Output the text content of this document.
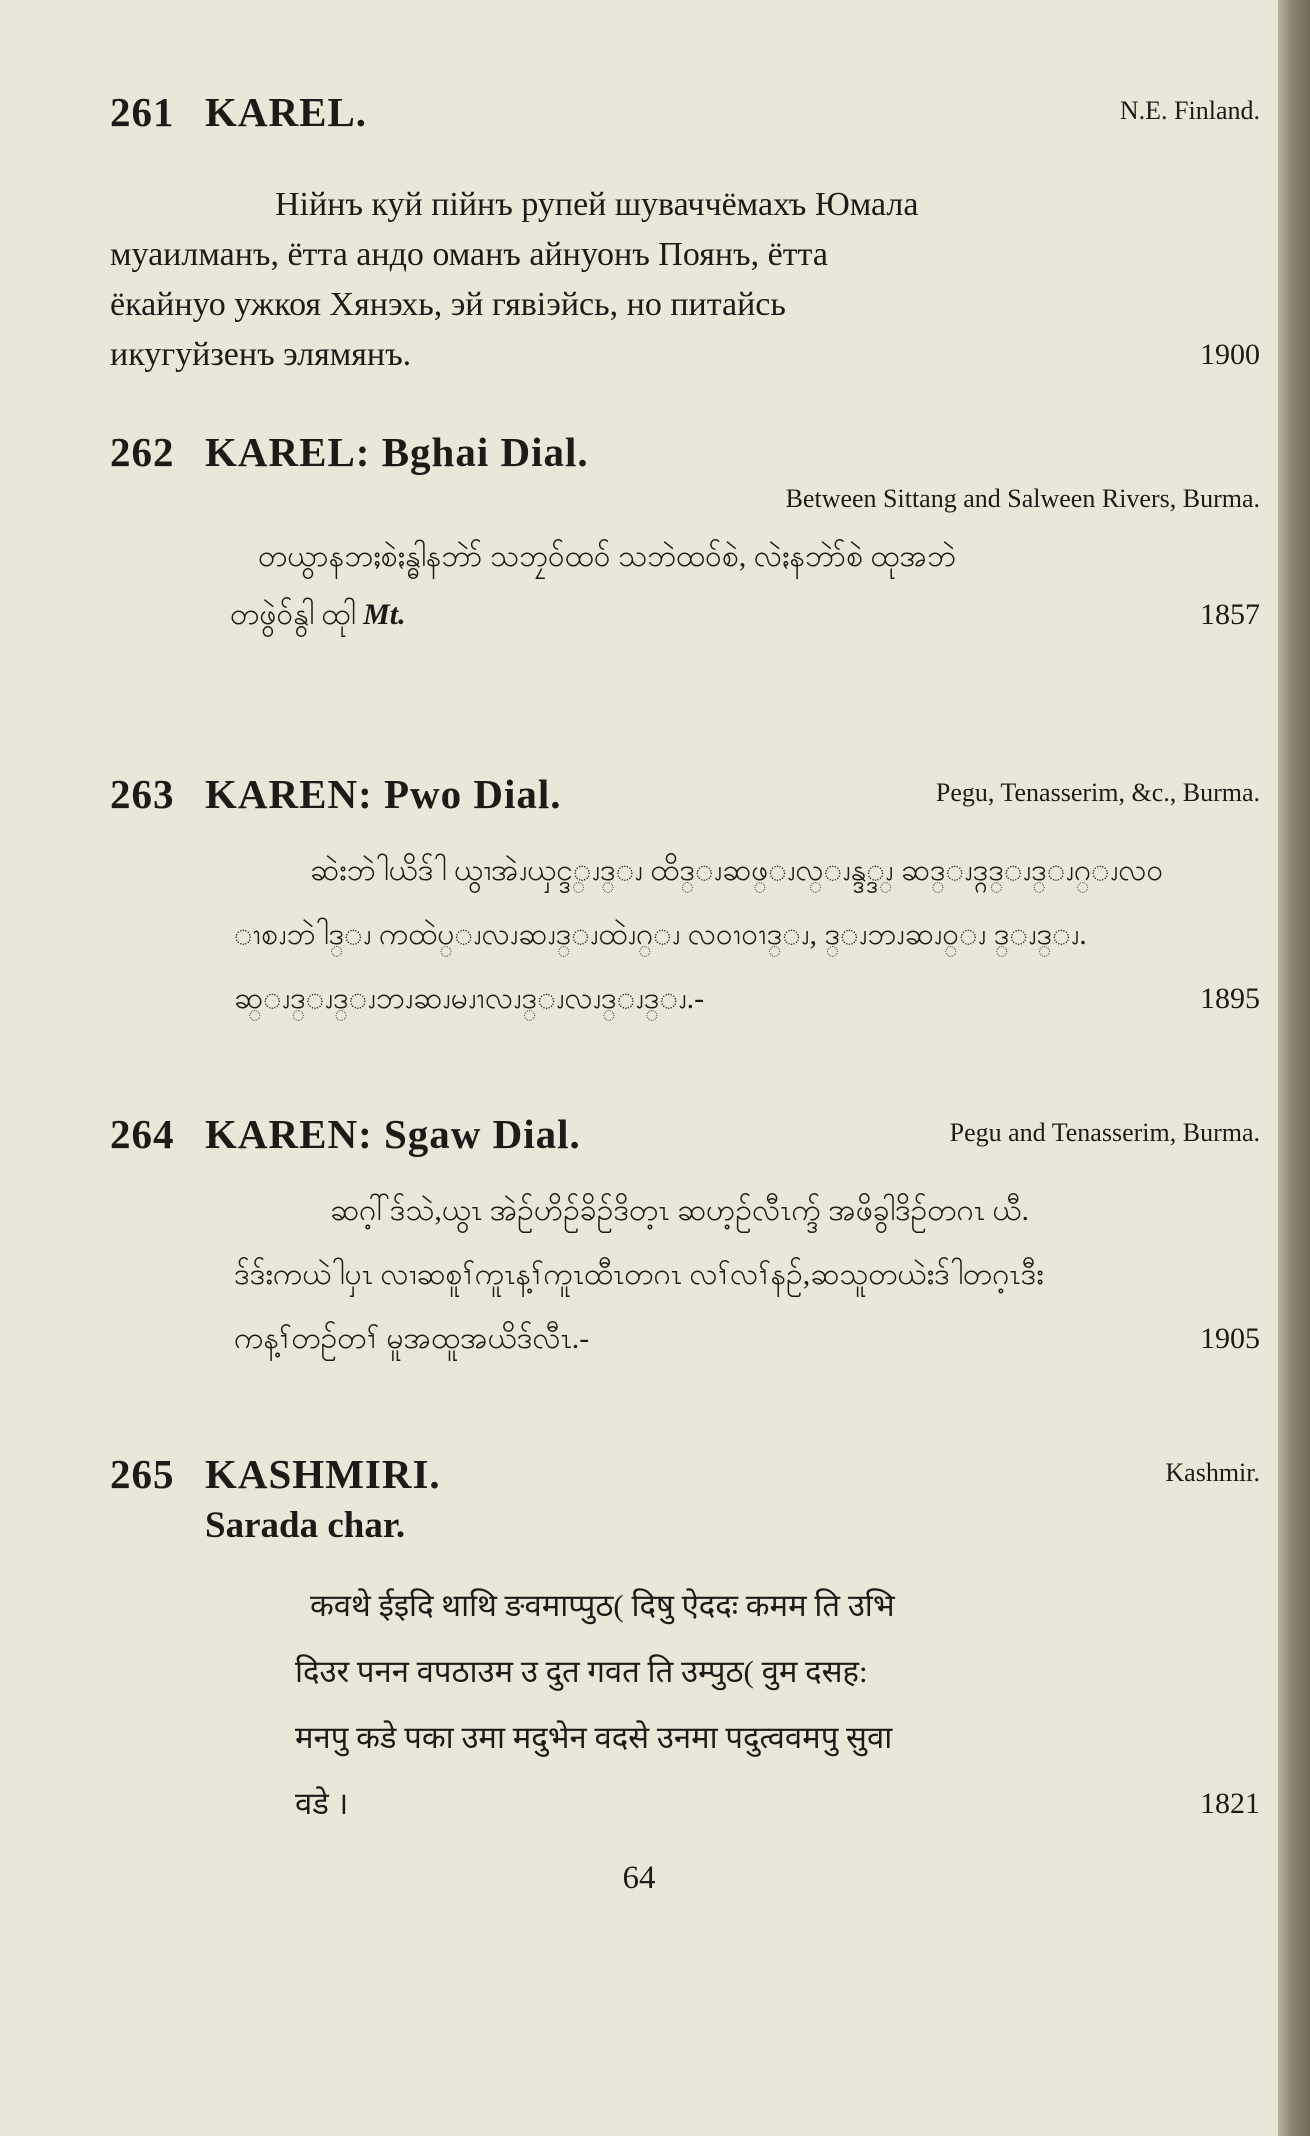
261 KAREL.	N.E. Finland.
Нійнъ куй пійнъ рупей шуваччёмахъ Юмала
муаилманъ, ётта андо оманъ айнуонъ Поянъ, ётта
ёкайнуо ужкоя Хянэхь, эй гявіэйсь, но питайсь
икугуйзенъ элямянъ.	1900
262 KAREL: Bghai Dial.
Between Sittang and Salween Rivers, Burma.
တယွာနဘႈစဲႏန္ဓါနဘဲာ် သဘၠဝ်ထဝ် သဘဲထဝ်စဲ, လဲႏနဘဲာ်စဲ ထုအဘဲ
တဖွဲဝ်နွါ ထုါ Mt.	1857
263 KAREN: Pwo Dial.	Pegu, Tenasserim, &c., Burma.
ဆဲးဘဲါယိဒ်ါ ယွၢအဲၪယှင္ဒ္ၪဒ္ၪ ထိဒ္ၪဆဖ္ၪလ္ၪန္ဒ္ဒ္ၪ ဆဒ္ၪဒ္ဂဒ္ၪဒ္ၪဂ္ၪလဝ
ၫစၪဘဲါဒ္ၪ ကထဲပ္ၪလၪဆၪဒ္ၪထဲၪဂ္ၪ လဝၫဝၫဒ္ၪ, ဒ္ၪဘၪဆၪဝ္ၪ ဒ္ၪဒ္ၪ.
ဆ္ၪဒ္ၪဒ္ၪဘၪဆၪမၪၫလၪဒ္ၪလၪဒ္ၪဒ္ၪ.-	1895
264 KAREN: Sgaw Dial.	Pegu and Tenasserim, Burma.
ဆဂ့ါ်ဒ်သဲ,ယွၤ အဲဉ်ဟိဉ်ခိဉ်ဒိတ့ၤ ဆဟ့ဉ်လီၤက္ဒ် အဖိခွါဒိဉ်တဂၤ ယီ.
ဒ်ဒ်းကယဲါပှၤ လၢဆစူၢ်ကူၤန့ၢ်ကူၤထီၤတဂၤ လၢ်လၢ်နဉ်,ဆသူတယဲးဒ်ါတဂ့ၤဒီး
ကန့ၢ်တဉ်တၢ် မူအထူအယိဒ်လီၤ.-	1905
265 KASHMIRI.	Kashmir.
Sarada char.
कवथे ईइदि थाथि ङवमाप्पुठ( दिषु ऐददः कमम ति उभि
दिउर पनन वपठाउम उ दुत गवत ति उम्पुठ( वुम दसह:
मनपु कडे पका उमा मदुभेन वदसे उनमा पदुत्ववमपु सुवा
वडे ।	1821
64
